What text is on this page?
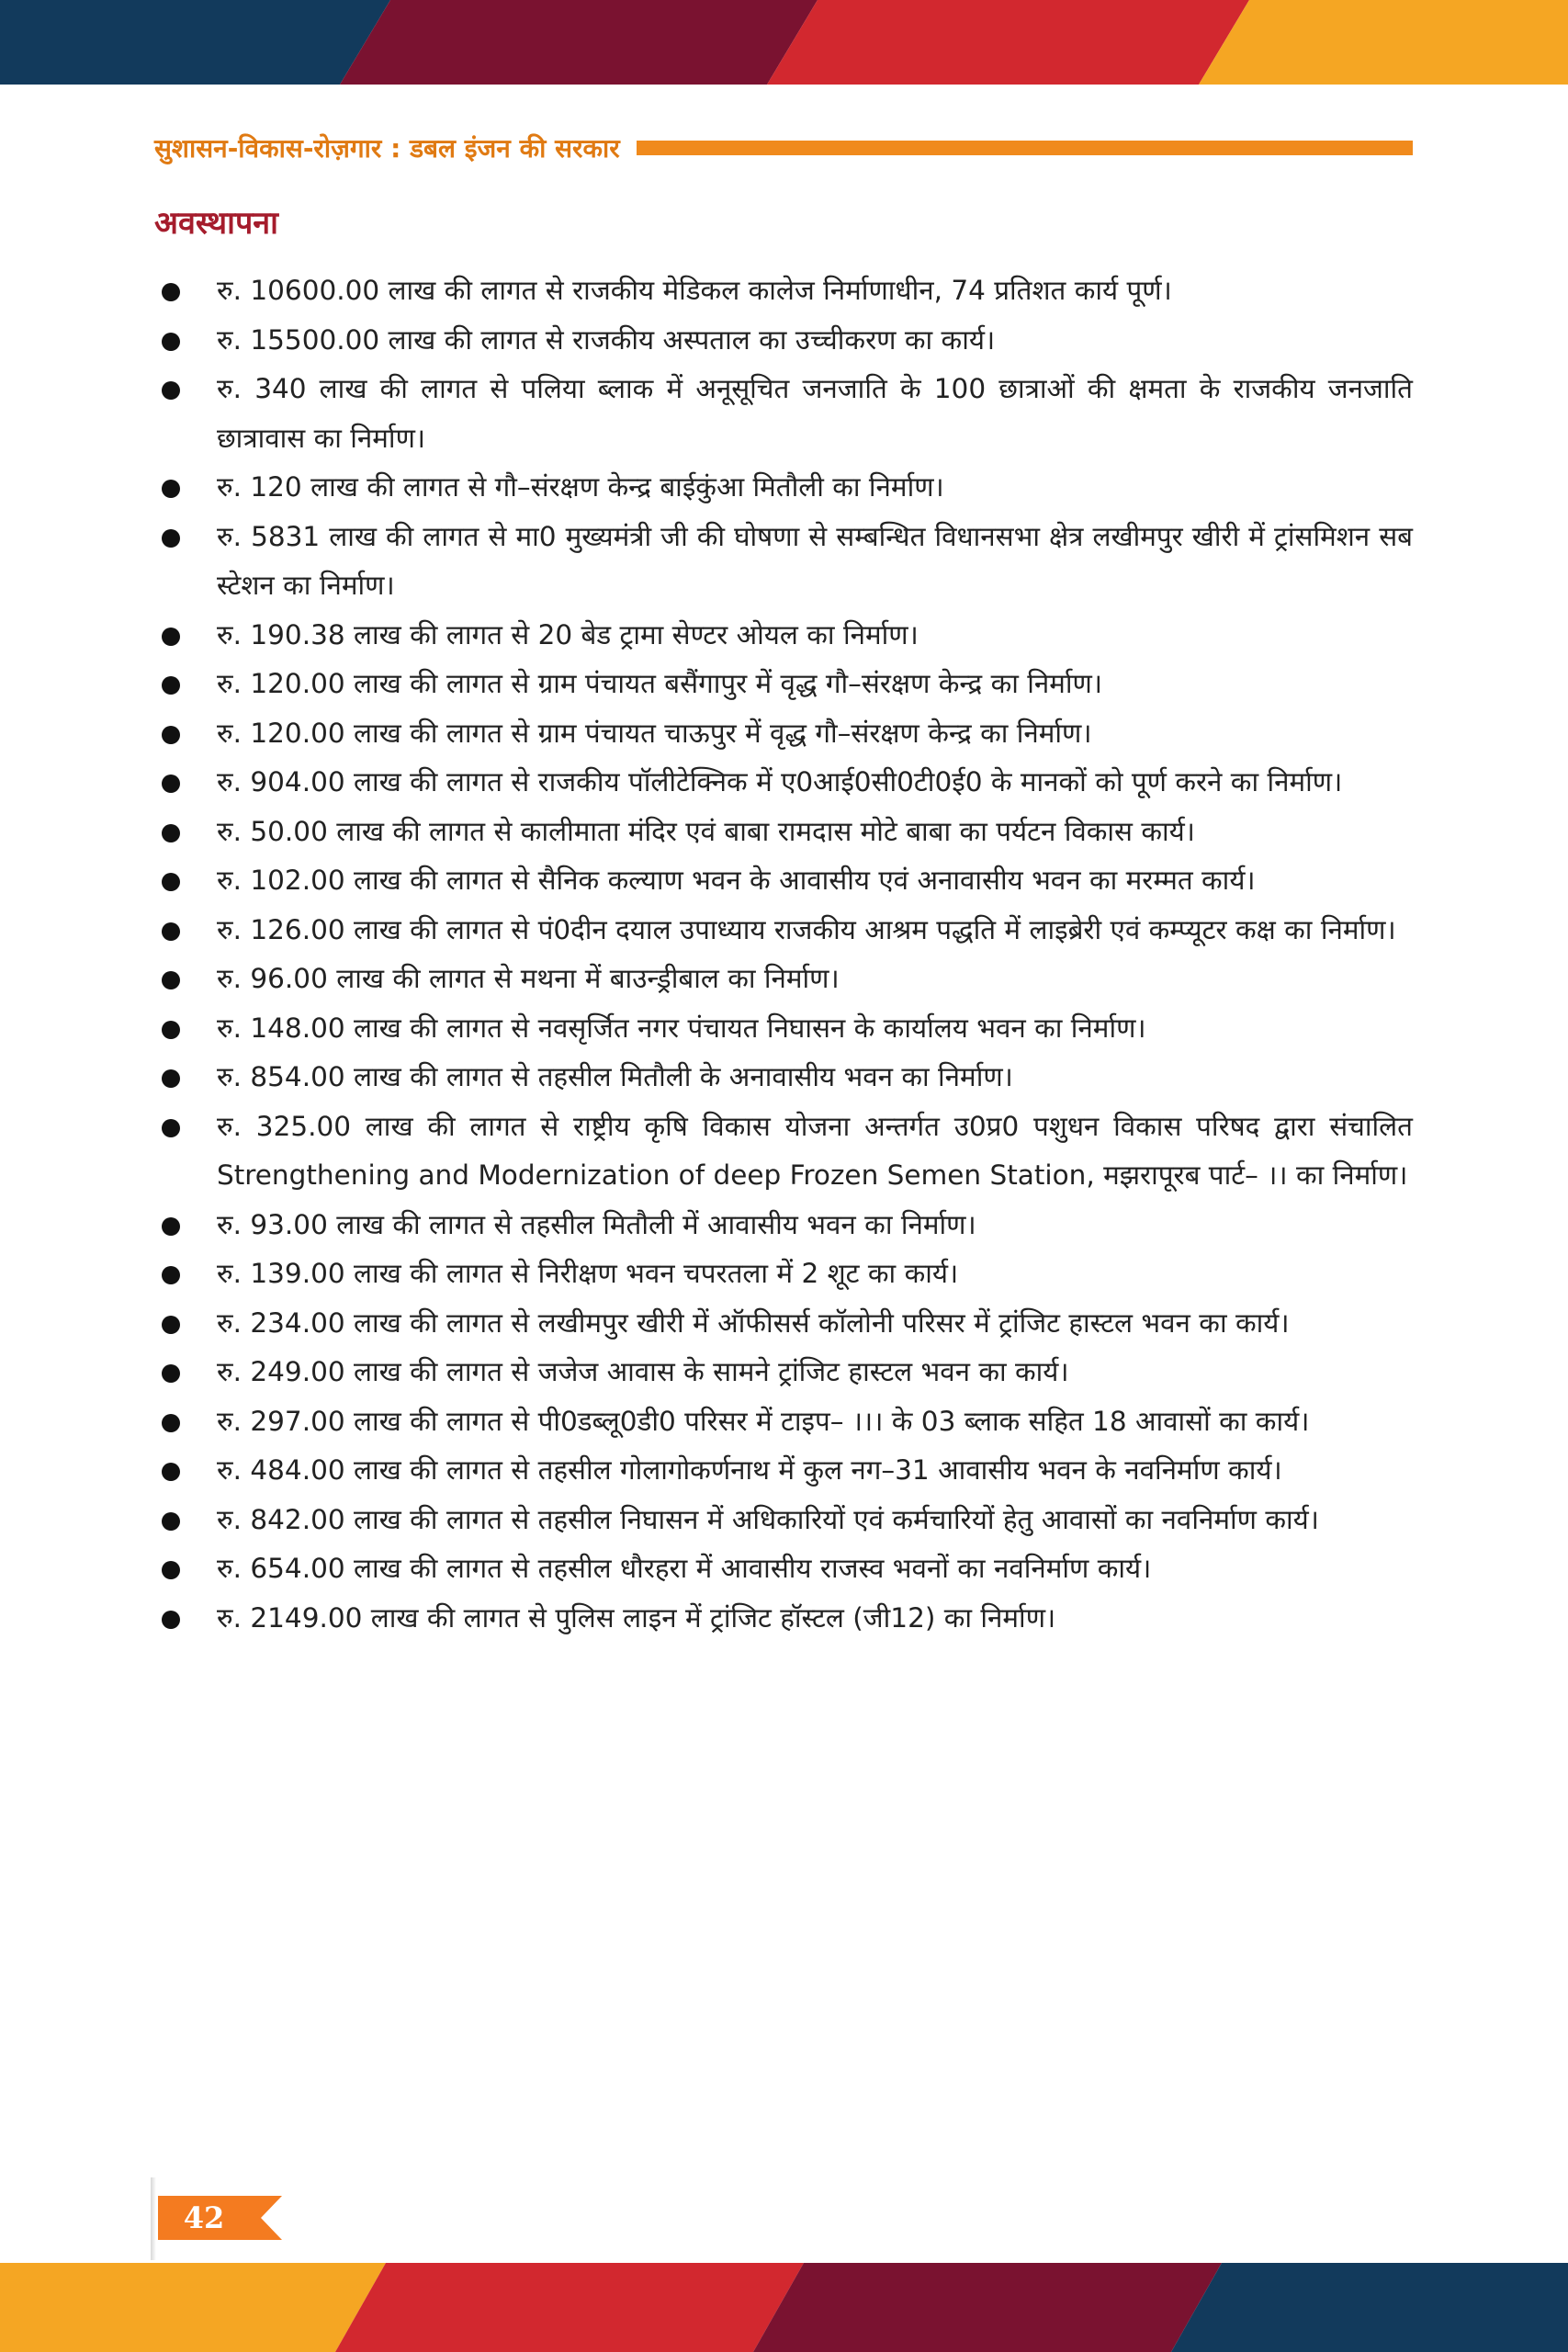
सुशासन-विकास-रोज़गार : डबल इंजन की सरकार
अवस्थापना
रु. 10600.00 लाख की लागत से राजकीय मेडिकल कालेज निर्माणाधीन, 74 प्रतिशत कार्य पूर्ण।
रु. 15500.00 लाख की लागत से राजकीय अस्पताल का उच्चीकरण का कार्य।
रु. 340 लाख की लागत से पलिया ब्लाक में अनूसूचित जनजाति के 100 छात्राओं की क्षमता के राजकीय जनजाति छात्रावास का निर्माण।
रु. 120 लाख की लागत से गौ–संरक्षण केन्द्र बाईकुंआ मितौली का निर्माण।
रु. 5831 लाख की लागत से मा0 मुख्यमंत्री जी की घोषणा से सम्बन्धित विधानसभा क्षेत्र लखीमपुर खीरी में ट्रांसमिशन सब स्टेशन का निर्माण।
रु. 190.38 लाख की लागत से 20 बेड ट्रामा सेण्टर ओयल का निर्माण।
रु. 120.00 लाख की लागत से ग्राम पंचायत बसैंगापुर में वृद्ध गौ–संरक्षण केन्द्र का निर्माण।
रु. 120.00 लाख की लागत से ग्राम पंचायत चाऊपुर में वृद्ध गौ–संरक्षण केन्द्र का निर्माण।
रु. 904.00 लाख की लागत से राजकीय पॉलीटेक्निक में ए0आई0सी0टी0ई0 के मानकों को पूर्ण करने का निर्माण।
रु. 50.00 लाख की लागत से कालीमाता मंदिर एवं बाबा रामदास मोटे बाबा का पर्यटन विकास कार्य।
रु. 102.00 लाख की लागत से सैनिक कल्याण भवन के आवासीय एवं अनावासीय भवन का मरम्मत कार्य।
रु. 126.00 लाख की लागत से पं0दीन दयाल उपाध्याय राजकीय आश्रम पद्धति में लाइब्रेरी एवं कम्प्यूटर कक्ष का निर्माण।
रु. 96.00 लाख की लागत से मथना में बाउन्ड्रीबाल का निर्माण।
रु. 148.00 लाख की लागत से नवसृर्जित नगर पंचायत निघासन के कार्यालय भवन का निर्माण।
रु. 854.00 लाख की लागत से तहसील मितौली के अनावासीय भवन का निर्माण।
रु. 325.00 लाख की लागत से राष्ट्रीय कृषि विकास योजना अन्तर्गत उ0प्र0 पशुधन विकास परिषद द्वारा संचालित Strengthening and Modernization of deep Frozen Semen Station, मझरापूरब पार्ट– ।। का निर्माण।
रु. 93.00 लाख की लागत से तहसील मितौली में आवासीय भवन का निर्माण।
रु. 139.00 लाख की लागत से निरीक्षण भवन चपरतला में 2 शूट का कार्य।
रु. 234.00 लाख की लागत से लखीमपुर खीरी में ऑफीसर्स कॉलोनी परिसर में ट्रांजिट हास्टल भवन का कार्य।
रु. 249.00 लाख की लागत से जजेज आवास के सामने ट्रांजिट हास्टल भवन का कार्य।
रु. 297.00 लाख की लागत से पी0डब्लू0डी0 परिसर में टाइप– ।।। के 03 ब्लाक सहित 18 आवासों का कार्य।
रु. 484.00 लाख की लागत से तहसील गोलागोकर्णनाथ में कुल नग–31 आवासीय भवन के नवनिर्माण कार्य।
रु. 842.00 लाख की लागत से तहसील निघासन में अधिकारियों एवं कर्मचारियों हेतु आवासों का नवनिर्माण कार्य।
रु. 654.00 लाख की लागत से तहसील धौरहरा में आवासीय राजस्व भवनों का नवनिर्माण कार्य।
रु. 2149.00 लाख की लागत से पुलिस लाइन में ट्रांजिट हॉस्टल (जी12) का निर्माण।
42
